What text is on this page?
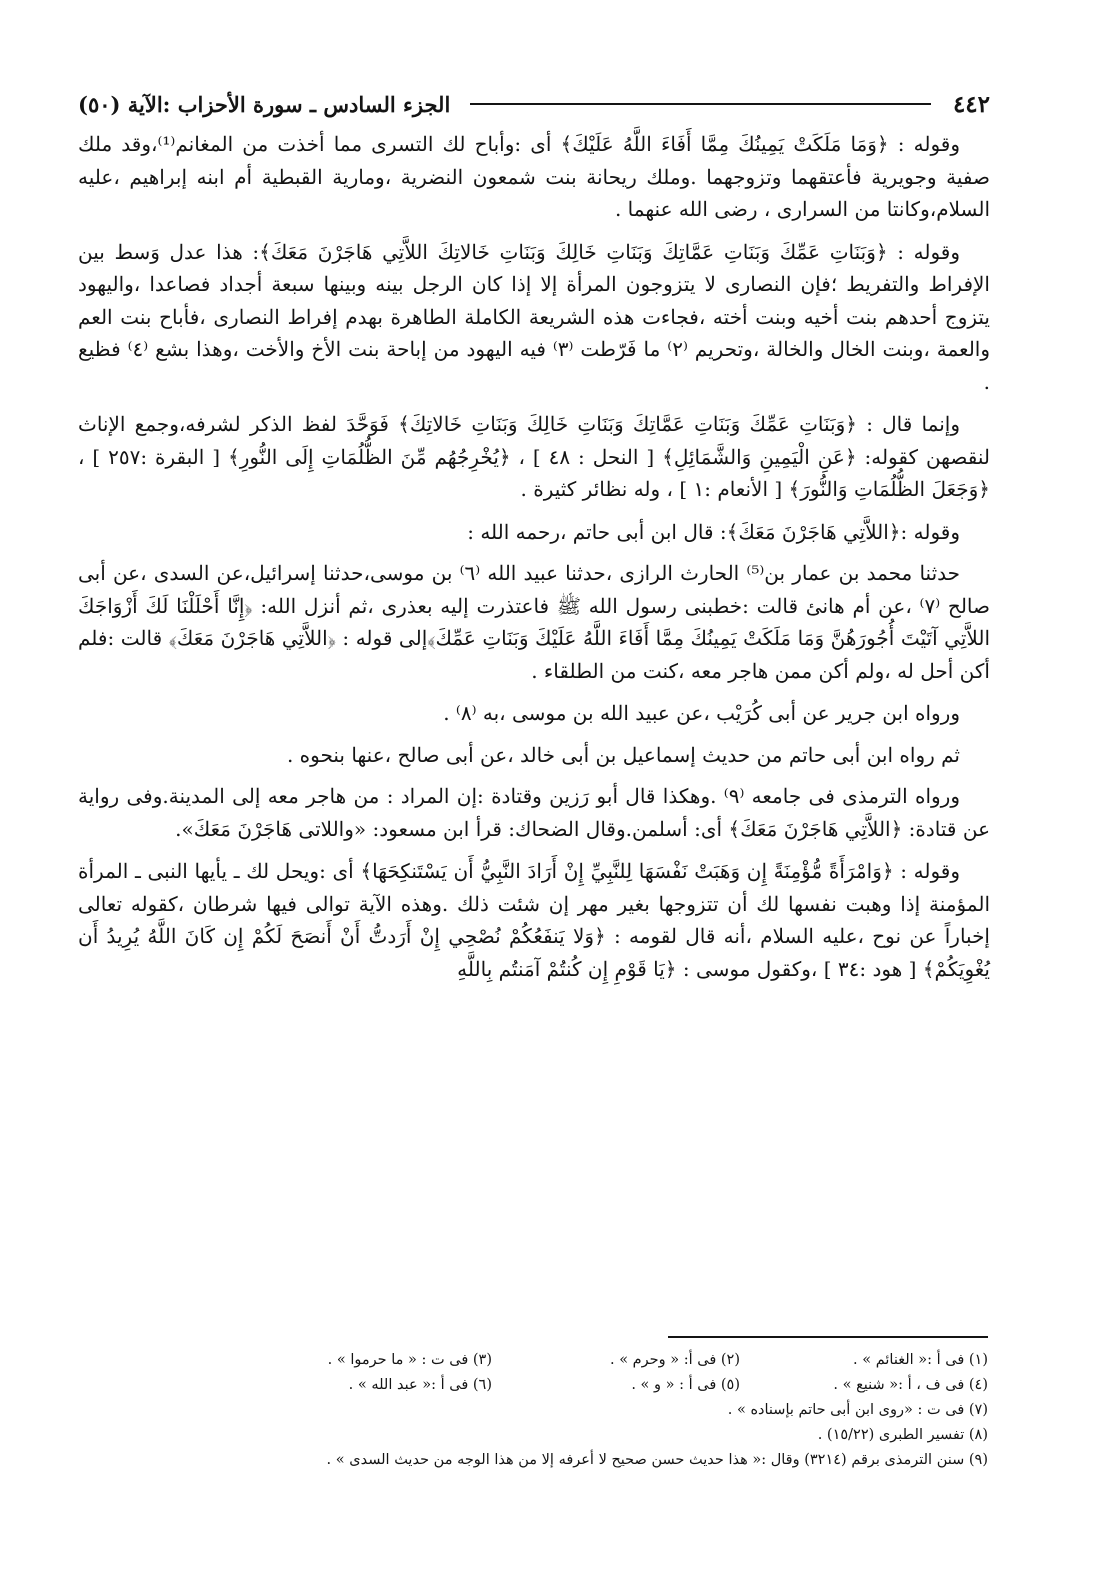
٤٤٢
الجزء السادس ـ سورة الأحزاب :الآية (٥٠)

وقوله : ﴿وَمَا مَلَكَتْ يَمِينُكَ مِمَّا أَفَاءَ اللَّهُ عَلَيْكَ﴾ أى :وأباح لك التسرى مما أخذت من المغانم⁽¹⁾،وقد ملك صفية وجويرية فأعتقهما وتزوجهما .وملك ريحانة بنت شمعون النضرية ،ومارية القبطية أم ابنه إبراهيم ،عليه السلام،وكانتا من السرارى ، رضى الله عنهما .

وقوله : ﴿وَبَنَاتِ عَمِّكَ وَبَنَاتِ عَمَّاتِكَ وَبَنَاتِ خَالِكَ وَبَنَاتِ خَالاتِكَ اللاَّتِي هَاجَرْنَ مَعَكَ﴾: هذا عدل وَسط بين الإفراط والتفريط ؛فإن النصارى لا يتزوجون المرأة إلا إذا كان الرجل بينه وبينها سبعة أجداد فصاعدا ،واليهود يتزوج أحدهم بنت أخيه وبنت أخته ،فجاءت هذه الشريعة الكاملة الطاهرة بهدم إفراط النصارى ،فأباح بنت العم والعمة ،وبنت الخال والخالة ،وتحريم ⁽٢⁾ ما فَرّطت ⁽٣⁾ فيه اليهود من إباحة بنت الأخ والأخت ،وهذا بشع ⁽٤⁾ فظيع .

وإنما قال : ﴿وَبَنَاتِ عَمِّكَ وَبَنَاتِ عَمَّاتِكَ وَبَنَاتِ خَالِكَ وَبَنَاتِ خَالاتِكَ﴾ فَوَحَّدَ لفظ الذكر لشرفه،وجمع الإناث لنقصهن كقوله: ﴿عَنِ الْيَمِينِ وَالشَّمَائِلِ﴾ [ النحل : ٤٨ ] ، ﴿يُخْرِجُهُم مِّنَ الظُّلُمَاتِ إِلَى النُّورِ﴾ [ البقرة :٢٥٧ ] ،﴿وَجَعَلَ الظُّلُمَاتِ وَالنُّورَ﴾ [ الأنعام :١ ] ، وله نظائر كثيرة .

وقوله :﴿اللاَّتِي هَاجَرْنَ مَعَكَ﴾: قال ابن أبى حاتم ،رحمه الله :

حدثنا محمد بن عمار بن⁽⁵⁾ الحارث الرازى ،حدثنا عبيد الله ⁽٦⁾ بن موسى،حدثنا إسرائيل،عن السدى ،عن أبى صالح ⁽٧⁾ ،عن أم هانئ قالت :خطبنى رسول الله ﷺ فاعتذرت إليه بعذرى ،ثم أنزل الله: ﴿إِنَّا أَحْلَلْنَا لَكَ أَزْوَاجَكَ اللاَّتِي آتَيْتَ أُجُورَهُنَّ وَمَا مَلَكَتْ يَمِينُكَ مِمَّا أَفَاءَ اللَّهُ عَلَيْكَ وَبَنَاتِ عَمِّكَ﴾إلى قوله : ﴿اللاَّتِي هَاجَرْنَ مَعَكَ﴾ قالت :فلم أكن أحل له ،ولم أكن ممن هاجر معه ،كنت من الطلقاء .

ورواه ابن جرير عن أبى كُرَيْب ،عن عبيد الله بن موسى ،به ⁽٨⁾ .

ثم رواه ابن أبى حاتم من حديث إسماعيل بن أبى خالد ،عن أبى صالح ،عنها بنحوه .

ورواه الترمذى فى جامعه ⁽٩⁾ .وهكذا قال أبو رَزين وقتادة :إن المراد : من هاجر معه إلى المدينة.وفى رواية عن قتادة: ﴿اللاَّتِي هَاجَرْنَ مَعَكَ﴾ أى: أسلمن.وقال الضحاك: قرأ ابن مسعود: «واللاتى هَاجَرْنَ مَعَكَ».

وقوله : ﴿وَامْرَأَةً مُّؤْمِنَةً إِن وَهَبَتْ نَفْسَهَا لِلنَّبِيِّ إِنْ أَرَادَ النَّبِيُّ أَن يَسْتَنكِحَهَا﴾ أى :ويحل لك ـ يأيها النبى ـ المرأة المؤمنة إذا وهبت نفسها لك أن تتزوجها بغير مهر إن شئت ذلك .وهذه الآية توالى فيها شرطان ،كقوله تعالى إخباراً عن نوح ،عليه السلام ،أنه قال لقومه : ﴿وَلا يَنفَعُكُمْ نُصْحِي إِنْ أَرَدتُّ أَنْ أَنصَحَ لَكُمْ إِن كَانَ اللَّهُ يُرِيدُ أَن يُغْوِيَكُمْ﴾ [ هود :٣٤ ] ،وكقول موسى : ﴿يَا قَوْمِ إِن كُنتُمْ آمَنتُم بِاللَّهِ

(١) فى أ :« الغنائم » .
(٢) فى أ: « وحرم » .
(٣) فى ت : « ما حرموا » .
(٤) فى ف ، أ :« شنيع » .
(٥) فى أ : « و » .
(٦) فى أ :« عبد الله » .
(٧) فى ت : «روى ابن أبى حاتم بإسناده » .
(٨) تفسير الطبرى (١٥/٢٢) .
(٩) سنن الترمذى برقم (٣٢١٤) وقال :« هذا حديث حسن صحيح لا أعرفه إلا من هذا الوجه من حديث السدى » .
